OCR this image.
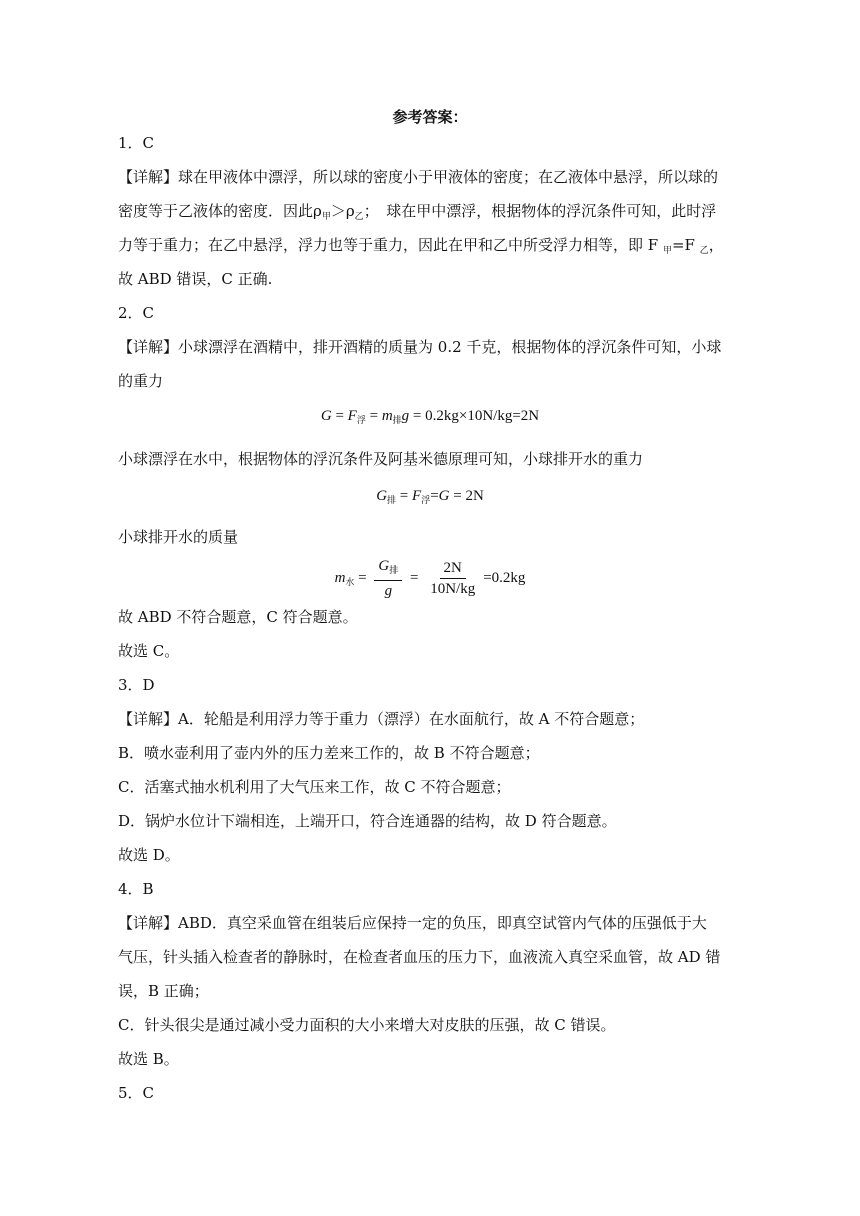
参考答案：
1．C
【详解】球在甲液体中漂浮，所以球的密度小于甲液体的密度；在乙液体中悬浮，所以球的
密度等于乙液体的密度．因此$\rho_甲>\rho_乙$；　球在甲中漂浮，根据物体的浮沉条件可知，此时浮
力等于重力；在乙中悬浮，浮力也等于重力，因此在甲和乙中所受浮力相等，即 F $_甲$=F $_乙$，
故 ABD 错误，C 正确.
2．C
【详解】小球漂浮在酒精中，排开酒精的质量为 0.2 千克，根据物体的浮沉条件可知，小球
的重力
$G = F_浮 = m_排g = 0.2kg\times 10N/kg=2N$
小球漂浮在水中，根据物体的浮沉条件及阿基米德原理可知，小球排开水的重力
$G_排 = F_浮=G = 2N$
小球排开水的质量
$m_水 = \frac{G_排}{g} = \frac{2N}{10N/kg} =0.2kg$
故 ABD 不符合题意，C 符合题意。
故选 C。
3．D
【详解】A．轮船是利用浮力等于重力（漂浮）在水面航行，故 A 不符合题意；
B．喷水壶利用了壶内外的压力差来工作的，故 B 不符合题意；
C．活塞式抽水机利用了大气压来工作，故 C 不符合题意；
D．锅炉水位计下端相连，上端开口，符合连通器的结构，故 D 符合题意。
故选 D。
4．B
【详解】ABD．真空采血管在组装后应保持一定的负压，即真空试管内气体的压强低于大
气压，针头插入检查者的静脉时，在检查者血压的压力下，血液流入真空采血管，故 AD 错
误，B 正确；
C．针头很尖是通过减小受力面积的大小来增大对皮肤的压强，故 C 错误。
故选 B。
5．C
